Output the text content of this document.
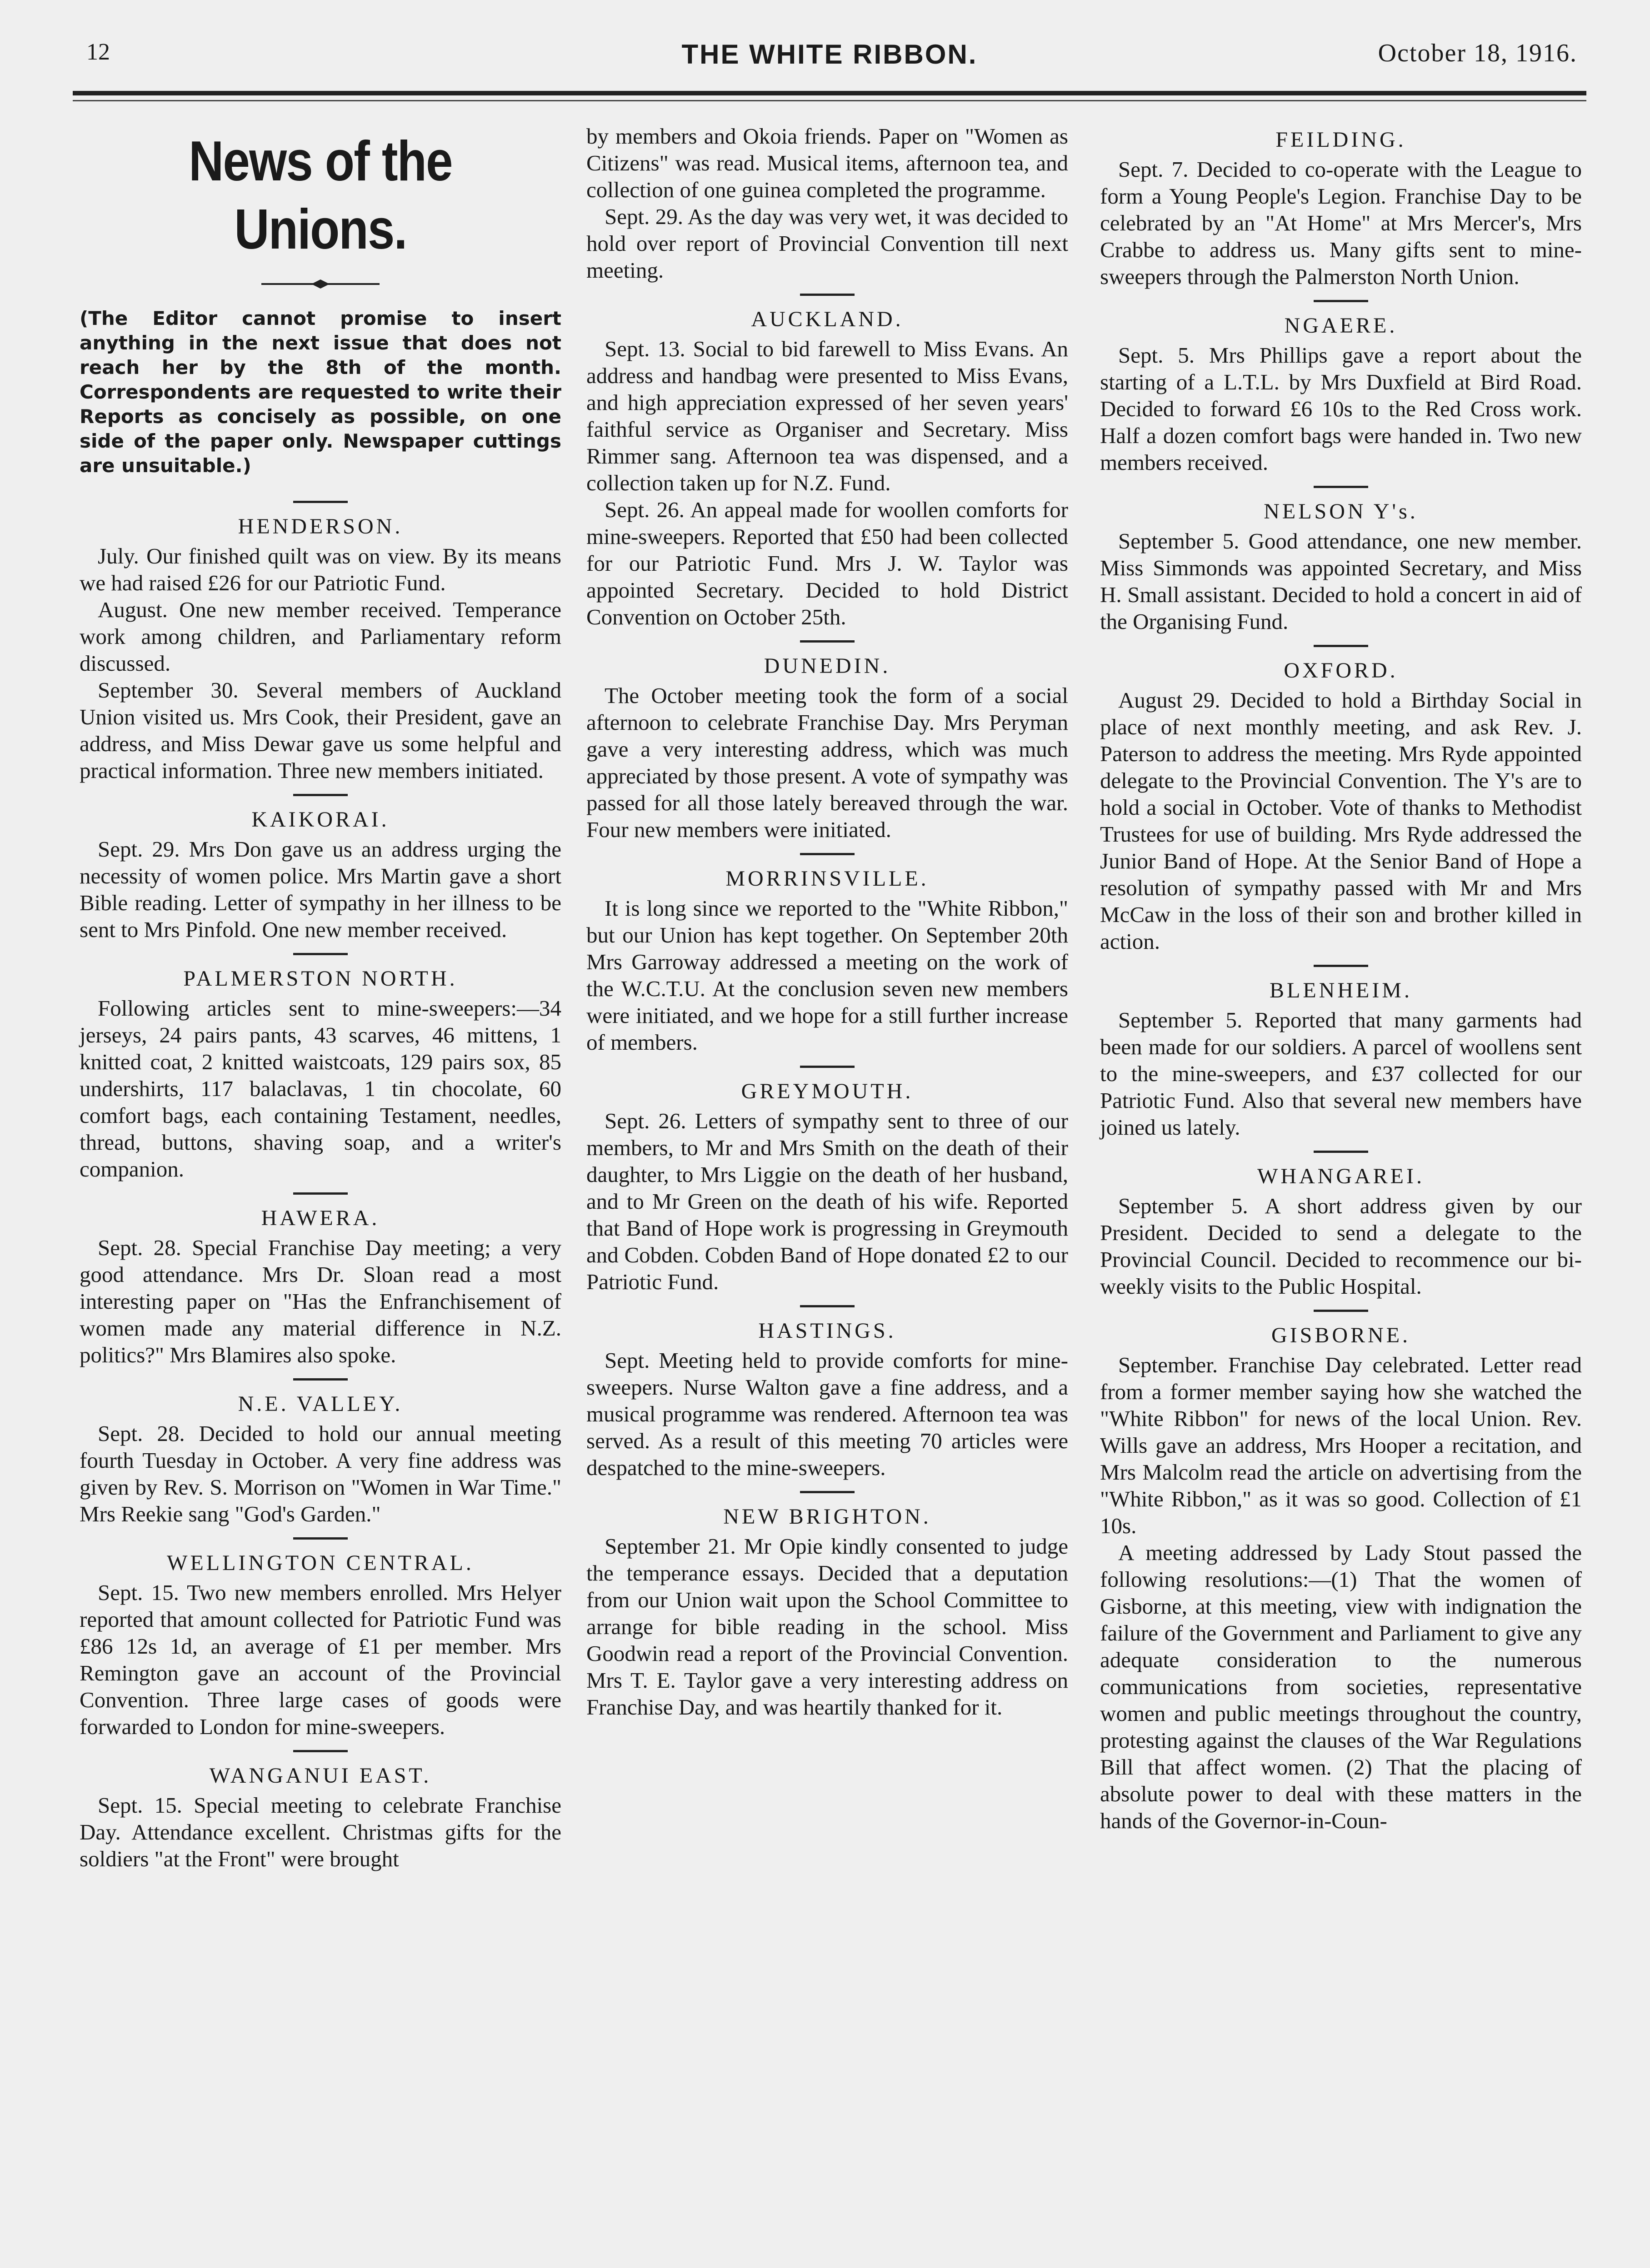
12	THE WHITE RIBBON.	October 18, 1916.
News of the Unions.
(The Editor cannot promise to insert anything in the next issue that does not reach her by the 8th of the month. Correspondents are requested to write their Reports as concisely as possible, on one side of the paper only. Newspaper cuttings are unsuitable.)
HENDERSON.

July. Our finished quilt was on view. By its means we had raised £26 for our Patriotic Fund.

August. One new member received. Temperance work among children, and Parliamentary reform discussed.

September 30. Several members of Auckland Union visited us. Mrs Cook, their President, gave an address, and Miss Dewar gave us some helpful and practical information. Three new members initiated.

KAIKORAI.

Sept. 29. Mrs Don gave us an address urging the necessity of women police. Mrs Martin gave a short Bible reading. Letter of sympathy in her illness to be sent to Mrs Pinfold. One new member received.

PALMERSTON NORTH.

Following articles sent to mine-sweepers:—34 jerseys, 24 pairs pants, 43 scarves, 46 mittens, 1 knitted coat, 2 knitted waistcoats, 129 pairs sox, 85 undershirts, 117 balaclavas, 1 tin chocolate, 60 comfort bags, each containing Testament, needles, thread, buttons, shaving soap, and a writer's companion.

HAWERA.

Sept. 28. Special Franchise Day meeting; a very good attendance. Mrs Dr. Sloan read a most interesting paper on "Has the Enfranchisement of women made any material difference in N.Z. politics?" Mrs Blamires also spoke.

N.E. VALLEY.

Sept. 28. Decided to hold our annual meeting fourth Tuesday in October. A very fine address was given by Rev. S. Morrison on "Women in War Time." Mrs Reekie sang "God's Garden."

WELLINGTON CENTRAL.

Sept. 15. Two new members enrolled. Mrs Helyer reported that amount collected for Patriotic Fund was £86 12s 1d, an average of £1 per member. Mrs Remington gave an account of the Provincial Convention. Three large cases of goods were forwarded to London for mine-sweepers.

WANGANUI EAST.

Sept. 15. Special meeting to celebrate Franchise Day. Attendance excellent. Christmas gifts for the soldiers "at the Front" were brought

by members and Okoia friends. Paper on "Women as Citizens" was read. Musical items, afternoon tea, and collection of one guinea completed the programme.

Sept. 29. As the day was very wet, it was decided to hold over report of Provincial Convention till next meeting.

AUCKLAND.

Sept. 13. Social to bid farewell to Miss Evans. An address and handbag were presented to Miss Evans, and high appreciation expressed of her seven years' faithful service as Organiser and Secretary. Miss Rimmer sang. Afternoon tea was dispensed, and a collection taken up for N.Z. Fund.

Sept. 26. An appeal made for woollen comforts for mine-sweepers. Reported that £50 had been collected for our Patriotic Fund. Mrs J. W. Taylor was appointed Secretary. Decided to hold District Convention on October 25th.

DUNEDIN.

The October meeting took the form of a social afternoon to celebrate Franchise Day. Mrs Peryman gave a very interesting address, which was much appreciated by those present. A vote of sympathy was passed for all those lately bereaved through the war. Four new members were initiated.

MORRINSVILLE.

It is long since we reported to the "White Ribbon," but our Union has kept together. On September 20th Mrs Garroway addressed a meeting on the work of the W.C.T.U. At the conclusion seven new members were initiated, and we hope for a still further increase of members.

GREYMOUTH.

Sept. 26. Letters of sympathy sent to three of our members, to Mr and Mrs Smith on the death of their daughter, to Mrs Liggie on the death of her husband, and to Mr Green on the death of his wife. Reported that Band of Hope work is progressing in Greymouth and Cobden. Cobden Band of Hope donated £2 to our Patriotic Fund.

HASTINGS.

Sept. Meeting held to provide comforts for mine-sweepers. Nurse Walton gave a fine address, and a musical programme was rendered. Afternoon tea was served. As a result of this meeting 70 articles were despatched to the mine-sweepers.

NEW BRIGHTON.

September 21. Mr Opie kindly consented to judge the temperance essays. Decided that a deputation from our Union wait upon the School Committee to arrange for bible reading in the school. Miss Goodwin read a report of the Provincial Convention. Mrs T. E. Taylor gave a very interesting address on Franchise Day, and was heartily thanked for it.

FEILDING.

Sept. 7. Decided to co-operate with the League to form a Young People's Legion. Franchise Day to be celebrated by an "At Home" at Mrs Mercer's, Mrs Crabbe to address us. Many gifts sent to mine-sweepers through the Palmerston North Union.

NGAERE.

Sept. 5. Mrs Phillips gave a report about the starting of a L.T.L. by Mrs Duxfield at Bird Road. Decided to forward £6 10s to the Red Cross work. Half a dozen comfort bags were handed in. Two new members received.

NELSON Y's.

September 5. Good attendance, one new member. Miss Simmonds was appointed Secretary, and Miss H. Small assistant. Decided to hold a concert in aid of the Organising Fund.

OXFORD.

August 29. Decided to hold a Birthday Social in place of next monthly meeting, and ask Rev. J. Paterson to address the meeting. Mrs Ryde appointed delegate to the Provincial Convention. The Y's are to hold a social in October. Vote of thanks to Methodist Trustees for use of building. Mrs Ryde addressed the Junior Band of Hope. At the Senior Band of Hope a resolution of sympathy passed with Mr and Mrs McCaw in the loss of their son and brother killed in action.

BLENHEIM.

September 5. Reported that many garments had been made for our soldiers. A parcel of woollens sent to the mine-sweepers, and £37 collected for our Patriotic Fund. Also that several new members have joined us lately.

WHANGAREI.

September 5. A short address given by our President. Decided to send a delegate to the Provincial Council. Decided to recommence our bi-weekly visits to the Public Hospital.

GISBORNE.

September. Franchise Day celebrated. Letter read from a former member saying how she watched the "White Ribbon" for news of the local Union. Rev. Wills gave an address, Mrs Hooper a recitation, and Mrs Malcolm read the article on advertising from the "White Ribbon," as it was so good. Collection of £1 10s.

A meeting addressed by Lady Stout passed the following resolutions:—(1) That the women of Gisborne, at this meeting, view with indignation the failure of the Government and Parliament to give any adequate consideration to the numerous communications from societies, representative women and public meetings throughout the country, protesting against the clauses of the War Regulations Bill that affect women. (2) That the placing of absolute power to deal with these matters in the hands of the Governor-in-Coun-
